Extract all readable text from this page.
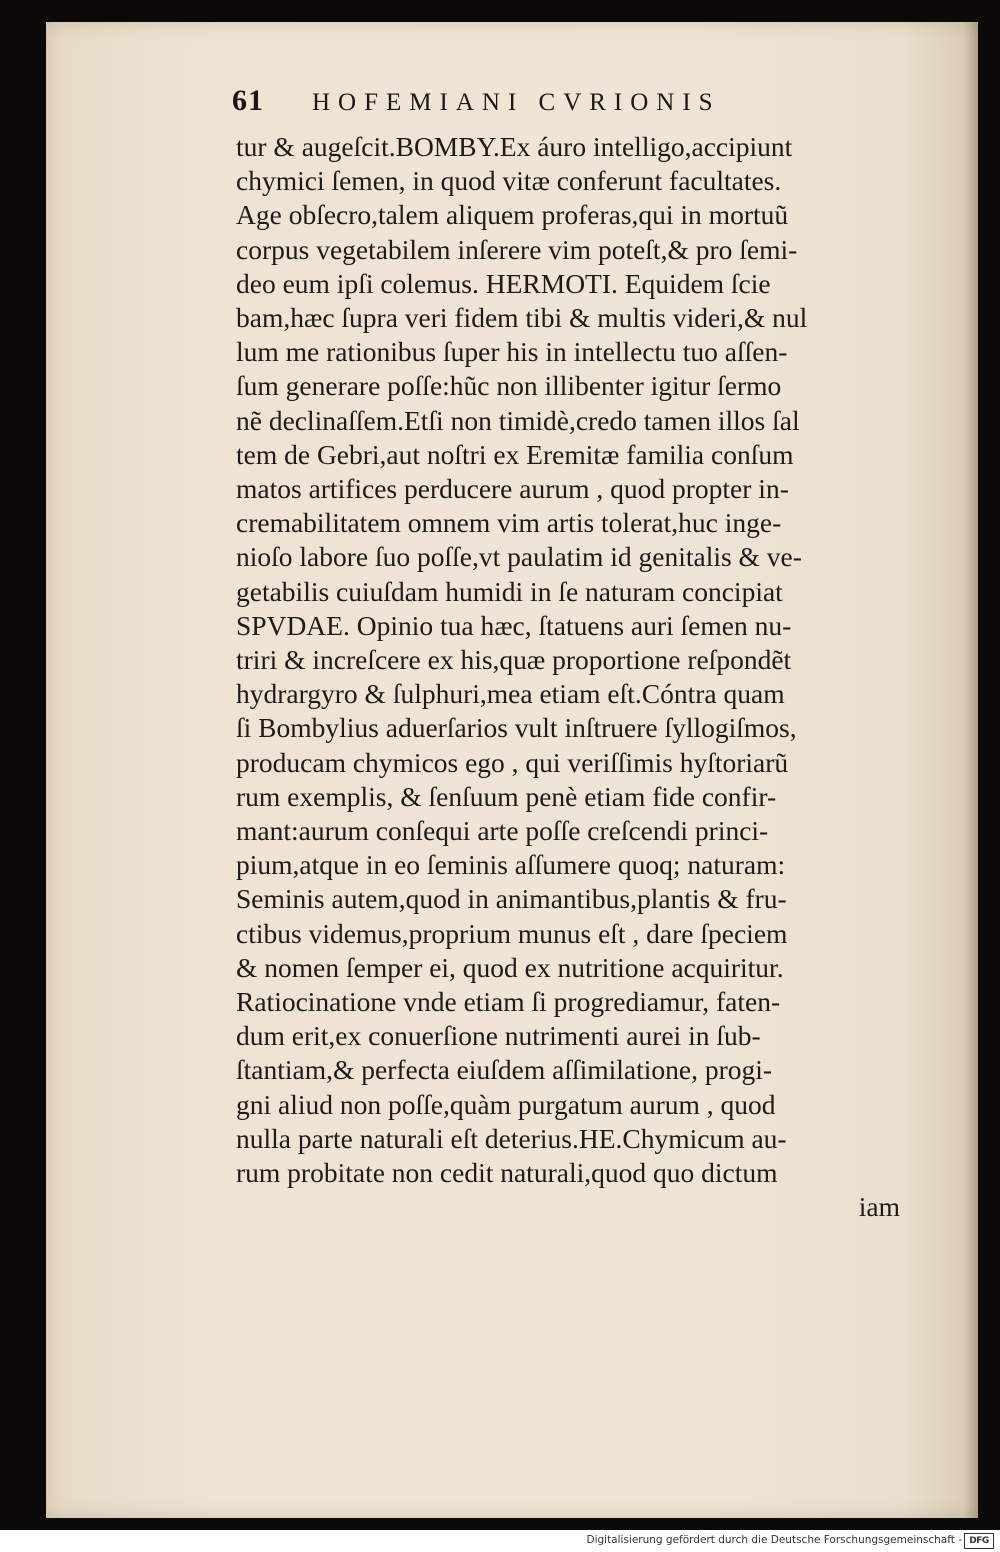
61 HOFEMIANI CVRIONIS
tur & augeſcit.BOMBY.Ex áuro intelligo,accipiunt
chymici ſemen, in quod vitæ conferunt facultates.
Age obſecro,talem aliquem proferas,qui in mortuũ
corpus vegetabilem inſerere vim poteſt,& pro ſemi-
deo eum ipſi colemus. HERMOTI. Equidem ſcie
bam,hæc ſupra veri fidem tibi & multis videri,& nul
lum me rationibus ſuper his in intellectu tuo aſſen-
ſum generare poſſe:hũc non illibenter igitur ſermo
nẽ declinaſſem.Etſi non timidè,credo tamen illos ſal
tem de Gebri,aut noſtri ex Eremitæ familia conſum
matos artifices perducere aurum , quod propter in-
cremabilitatem omnem vim artis tolerat,huc inge-
nioſo labore ſuo poſſe,vt paulatim id genitalis & ve-
getabilis cuiuſdam humidi in ſe naturam concipiat
SPVDAE. Opinio tua hæc, ſtatuens auri ſemen nu-
triri & increſcere ex his,quæ proportione reſpondẽt
hydrargyro & ſulphuri,mea etiam eſt.Cóntra quam
ſi Bombylius aduerſarios vult inſtruere ſyllogiſmos,
producam chymicos ego , qui veriſſimis hyſtoriarũ
rum exemplis, & ſenſuum penè etiam fide confir-
mant:aurum conſequi arte poſſe creſcendi princi-
pium,atque in eo ſeminis aſſumere quoq; naturam:
Seminis autem,quod in animantibus,plantis & fru-
ctibus videmus,proprium munus eſt , dare ſpeciem
& nomen ſemper ei, quod ex nutritione acquiritur.
Ratiocinatione vnde etiam ſi progrediamur, faten-
dum erit,ex conuerſione nutrimenti aurei in ſub-
ſtantiam,& perfecta eiuſdem aſſimilatione, progi-
gni aliud non poſſe,quàm purgatum aurum , quod
nulla parte naturali eſt deterius.HE.Chymicum au-
rum probitate non cedit naturali,quod quo dictum
iam
Digitalisierung gefördert durch die Deutsche Forschungsgemeinschaft - DFG
